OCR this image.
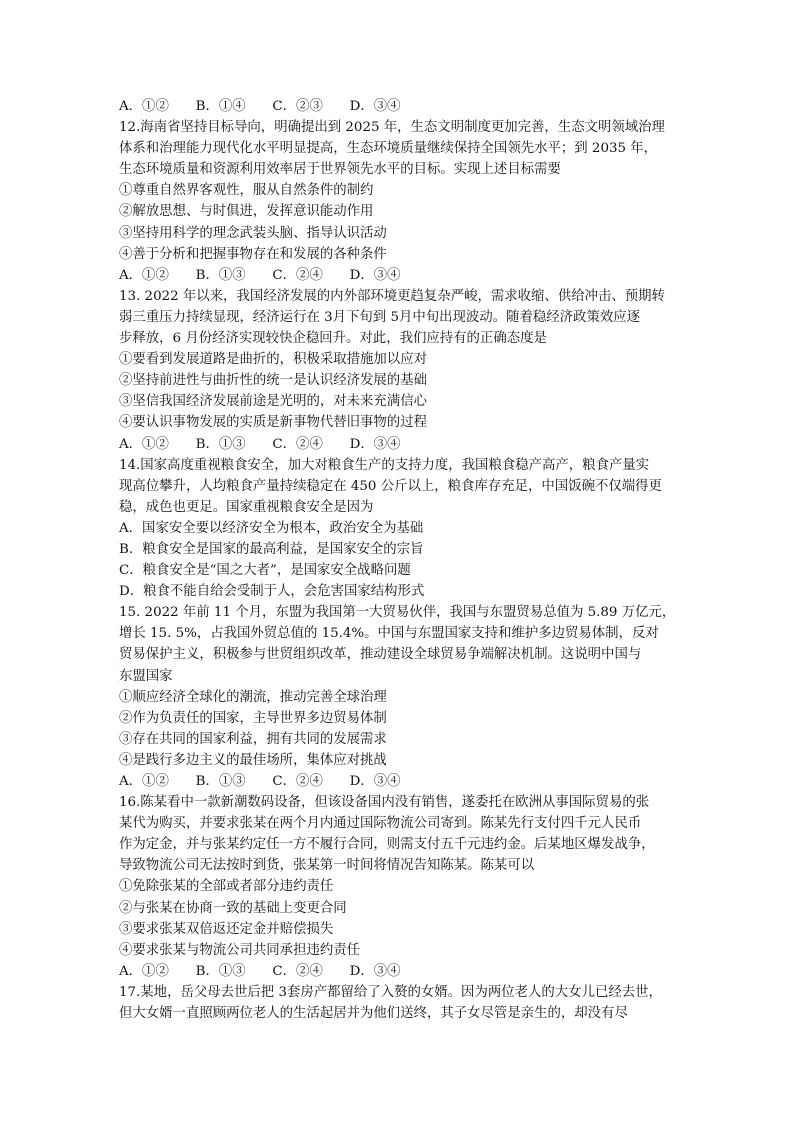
A．①②　　B．①④　　C．②③　　D．③④
12.海南省坚持目标导向，明确提出到 2025 年，生态文明制度更加完善，生态文明领域治理
体系和治理能力现代化水平明显提高，生态环境质量继续保持全国领先水平；到 2035 年，
生态环境质量和资源利用效率居于世界领先水平的目标。实现上述目标需要
①尊重自然界客观性，服从自然条件的制约
②解放思想、与时俱进，发挥意识能动作用
③坚持用科学的理念武装头脑、指导认识活动
④善于分析和把握事物存在和发展的各种条件
A．①②　　B．①③　　C．②④　　D．③④
13. 2022 年以来，我国经济发展的内外部环境更趋复杂严峻，需求收缩、供给冲击、预期转
弱三重压力持续显现，经济运行在 3月下旬到 5月中旬出现波动。随着稳经济政策效应逐
步释放，6 月份经济实现较快企稳回升。对此，我们应持有的正确态度是
①要看到发展道路是曲折的，积极采取措施加以应对
②坚持前进性与曲折性的统一是认识经济发展的基础
③坚信我国经济发展前途是光明的，对未来充满信心
④要认识事物发展的实质是新事物代替旧事物的过程
A．①②　　B．①③　　C．②④　　D．③④
14.国家高度重视粮食安全，加大对粮食生产的支持力度，我国粮食稳产高产，粮食产量实
现高位攀升，人均粮食产量持续稳定在 450 公斤以上，粮食库存充足，中国饭碗不仅端得更
稳，成色也更足。国家重视粮食安全是因为
A．国家安全要以经济安全为根本，政治安全为基础
B．粮食安全是国家的最高利益，是国家安全的宗旨
C．粮食安全是“国之大者”，是国家安全战略问题
D．粮食不能自给会受制于人，会危害国家结构形式
15. 2022 年前 11 个月，东盟为我国第一大贸易伙伴，我国与东盟贸易总值为 5.89 万亿元，
增长 15. 5%，占我国外贸总值的 15.4%。中国与东盟国家支持和维护多边贸易体制，反对
贸易保护主义，积极参与世贸组织改革，推动建设全球贸易争端解决机制。这说明中国与
东盟国家
①顺应经济全球化的潮流，推动完善全球治理
②作为负责任的国家，主导世界多边贸易体制
③存在共同的国家利益，拥有共同的发展需求
④是践行多边主义的最佳场所，集体应对挑战
A．①②　　B．①③　　C．②④　　D．③④
16.陈某看中一款新潮数码设备，但该设备国内没有销售，遂委托在欧洲从事国际贸易的张
某代为购买，并要求张某在两个月内通过国际物流公司寄到。陈某先行支付四千元人民币
作为定金，并与张某约定任一方不履行合同，则需支付五千元违约金。后某地区爆发战争，
导致物流公司无法按时到货，张某第一时间将情况告知陈某。陈某可以
①免除张某的全部或者部分违约责任
②与张某在协商一致的基础上变更合同
③要求张某双倍返还定金并赔偿损失
④要求张某与物流公司共同承担违约责任
A．①②　　B．①③　　C．②④　　D．③④
17.某地，岳父母去世后把 3套房产都留给了入赘的女婿。因为两位老人的大女儿已经去世，
但大女婿一直照顾两位老人的生活起居并为他们送终，其子女尽管是亲生的，却没有尽
